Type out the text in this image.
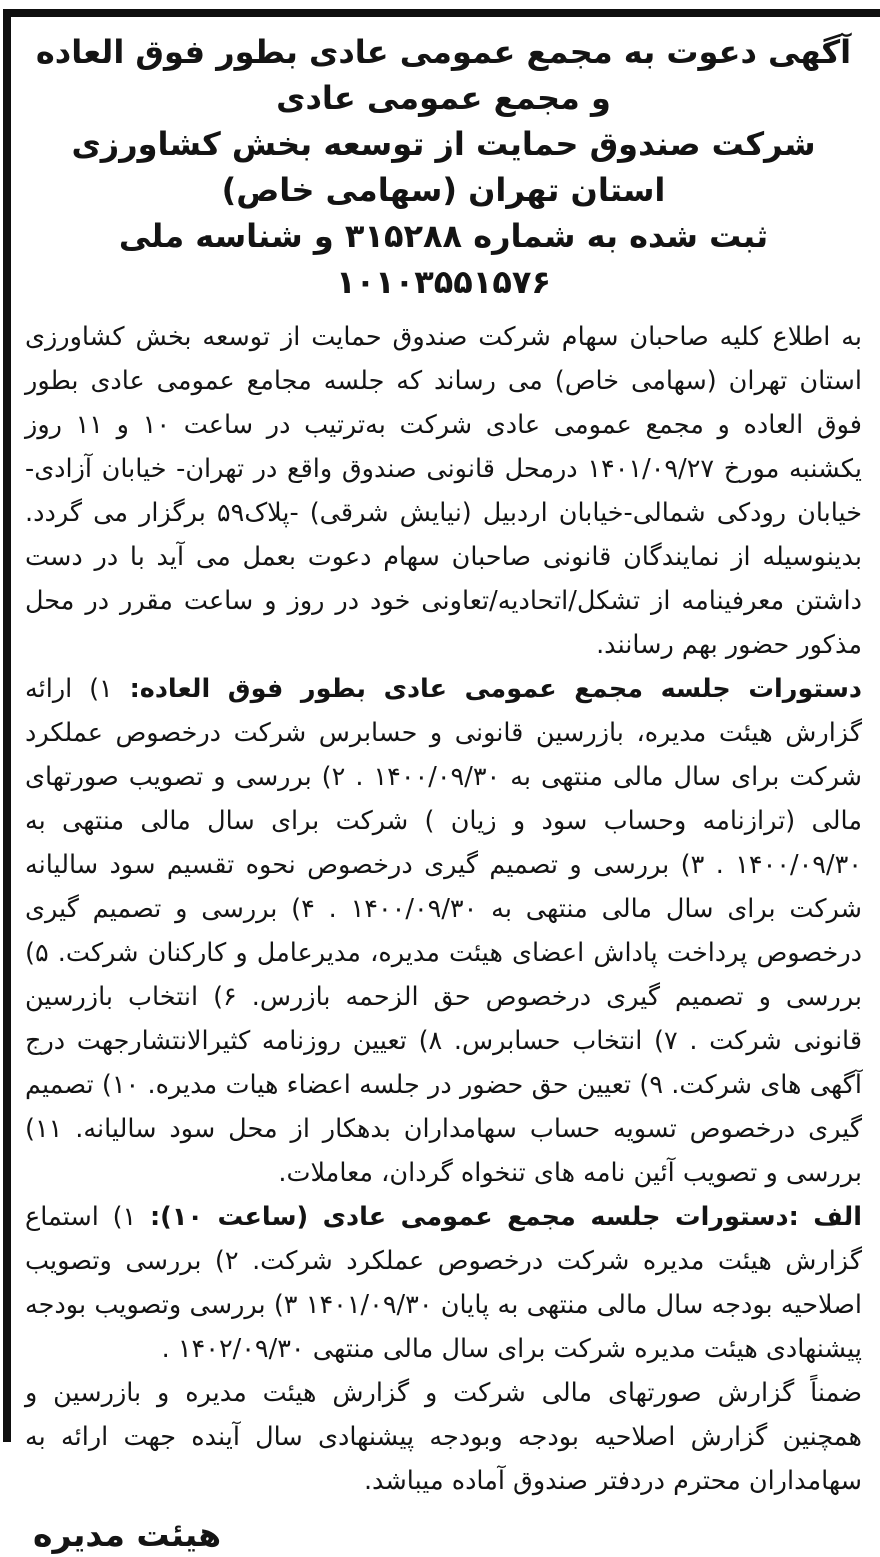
آگهی دعوت به مجمع عمومی عادی بطور فوق العاده و مجمع عمومی عادی
شرکت صندوق حمایت از توسعه بخش کشاورزی استان تهران (سهامی خاص)
ثبت شده به شماره ۳۱۵۲۸۸ و شناسه ملی ۱۰۱۰۳۵۵۱۵۷۶

به اطلاع کلیه صاحبان سهام شرکت صندوق حمایت از توسعه بخش کشاورزی استان تهران (سهامی خاص) می رساند که جلسه مجامع عمومی عادی بطور فوق العاده و مجمع عمومی عادی شرکت به‌ترتیب در ساعت ۱۰ و ۱۱ روز یکشنبه مورخ ۱۴۰۱/۰۹/۲۷ درمحل قانونی صندوق واقع در تهران- خیابان آزادی- خیابان رودکی شمالی-خیابان اردبیل (نیایش شرقی) -پلاک۵۹ برگزار می گردد. بدینوسیله از نمایندگان قانونی صاحبان سهام دعوت بعمل می آید با در دست داشتن معرفینامه از تشکل/اتحادیه/تعاونی خود در روز و ساعت مقرر در محل مذکور حضور بهم رسانند.

دستورات جلسه مجمع عمومی عادی بطور فوق العاده: ۱) ارائه گزارش هیئت مدیره، بازرسین قانونی و حسابرس شرکت درخصوص عملکرد شرکت برای سال مالی منتهی به ۱۴۰۰/۰۹/۳۰ . ۲) بررسی و تصویب صورتهای مالی (ترازنامه وحساب سود و زیان ) شرکت برای سال مالی منتهی به ۱۴۰۰/۰۹/۳۰ . ۳) بررسی و تصمیم گیری درخصوص نحوه تقسیم سود سالیانه شرکت برای سال مالی منتهی به ۱۴۰۰/۰۹/۳۰ . ۴) بررسی و تصمیم گیری درخصوص پرداخت پاداش اعضای هیئت مدیره، مدیرعامل و کارکنان شرکت. ۵) بررسی و تصمیم گیری درخصوص حق الزحمه بازرس. ۶) انتخاب بازرسین قانونی شرکت . ۷) انتخاب حسابرس. ۸) تعیین روزنامه کثیرالانتشارجهت درج آگهی های شرکت. ۹) تعیین حق حضور در جلسه اعضاء هیات مدیره. ۱۰) تصمیم گیری درخصوص تسویه حساب سهامداران بدهکار از محل سود سالیانه. ۱۱) بررسی و تصویب آئین نامه های تنخواه گردان، معاملات.

الف :دستورات جلسه مجمع عمومی عادی (ساعت ۱۰): ۱) استماع گزارش هیئت مدیره شرکت درخصوص عملکرد شرکت. ۲) بررسی وتصویب اصلاحیه بودجه سال مالی منتهی به پایان ۱۴۰۱/۰۹/۳۰ ۳) بررسی وتصویب بودجه پیشنهادی هیئت مدیره شرکت برای سال مالی منتهی ۱۴۰۲/۰۹/۳۰ .

ضمناً گزارش صورتهای مالی شرکت و گزارش هیئت مدیره و بازرسین و همچنین گزارش اصلاحیه بودجه وبودجه پیشنهادی سال آینده جهت ارائه به سهامداران محترم دردفتر صندوق آماده میباشد.

هیئت مدیره
